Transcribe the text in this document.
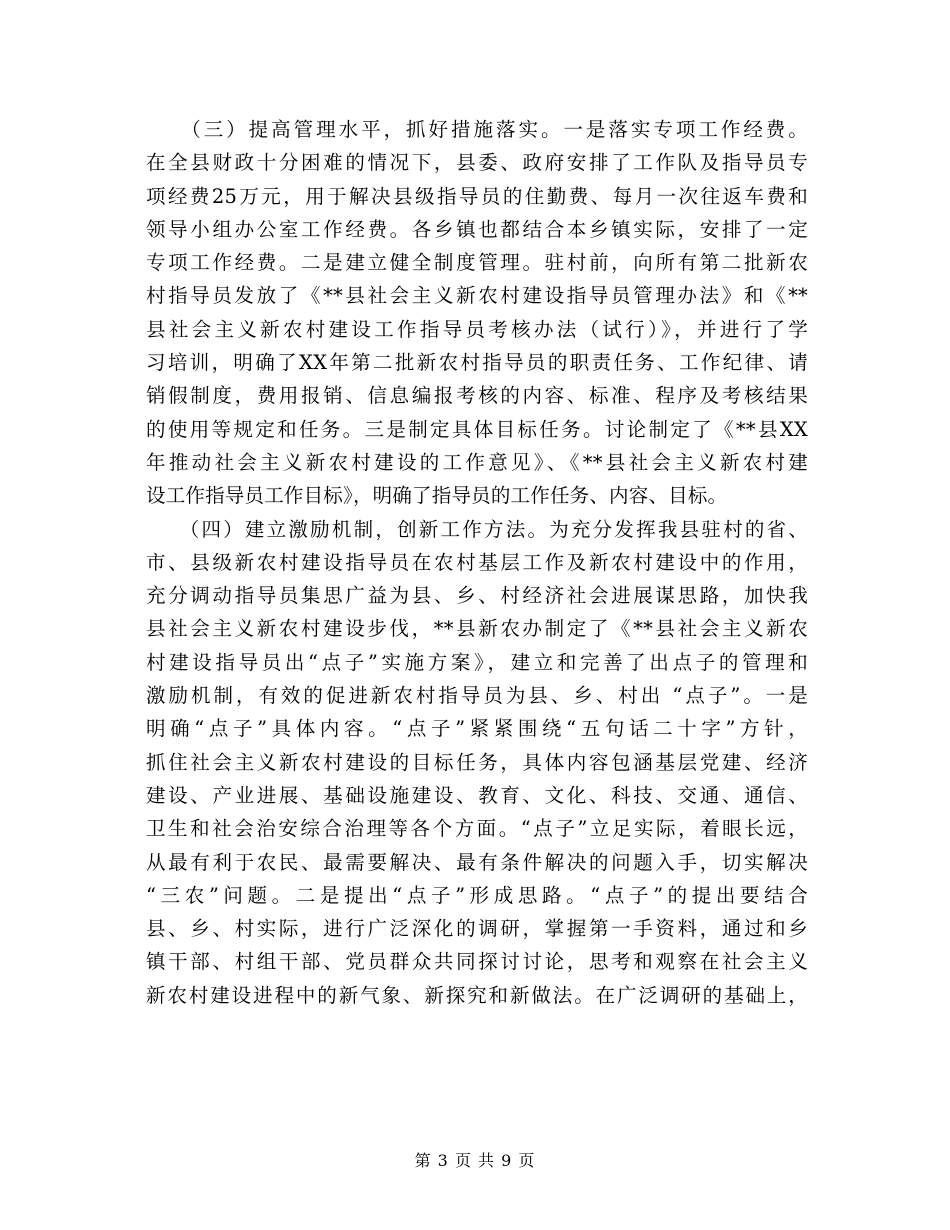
　　（三）提高管理水平，抓好措施落实。一是落实专项工作经费。
在全县财政十分困难的情况下，县委、政府安排了工作队及指导员专
项经费25万元，用于解决县级指导员的住勤费、每月一次往返车费和
领导小组办公室工作经费。各乡镇也都结合本乡镇实际，安排了一定
专项工作经费。二是建立健全制度管理。驻村前，向所有第二批新农
村指导员发放了《**县社会主义新农村建设指导员管理办法》和《**
县社会主义新农村建设工作指导员考核办法（试行）》，并进行了学
习培训，明确了XX年第二批新农村指导员的职责任务、工作纪律、请
销假制度，费用报销、信息编报考核的内容、标准、程序及考核结果
的使用等规定和任务。三是制定具体目标任务。讨论制定了《**县XX
年推动社会主义新农村建设的工作意见》、《**县社会主义新农村建
设工作指导员工作目标》，明确了指导员的工作任务、内容、目标。
　　（四）建立激励机制，创新工作方法。为充分发挥我县驻村的省、
市、县级新农村建设指导员在农村基层工作及新农村建设中的作用，
充分调动指导员集思广益为县、乡、村经济社会进展谋思路，加快我
县社会主义新农村建设步伐，**县新农办制定了《**县社会主义新农
村建设指导员出“点子”实施方案》，建立和完善了出点子的管理和
激励机制，有效的促进新农村指导员为县、乡、村出 “点子”。一是
明确“点子”具体内容。“点子”紧紧围绕“五句话二十字”方针，
抓住社会主义新农村建设的目标任务，具体内容包涵基层党建、经济
建设、产业进展、基础设施建设、教育、文化、科技、交通、通信、
卫生和社会治安综合治理等各个方面。“点子”立足实际，着眼长远，
从最有利于农民、最需要解决、最有条件解决的问题入手，切实解决
“三农”问题。二是提出“点子”形成思路。“点子”的提出要结合
县、乡、村实际，进行广泛深化的调研，掌握第一手资料，通过和乡
镇干部、村组干部、党员群众共同探讨讨论，思考和观察在社会主义
新农村建设进程中的新气象、新探究和新做法。在广泛调研的基础上，
第 3 页 共 9 页
